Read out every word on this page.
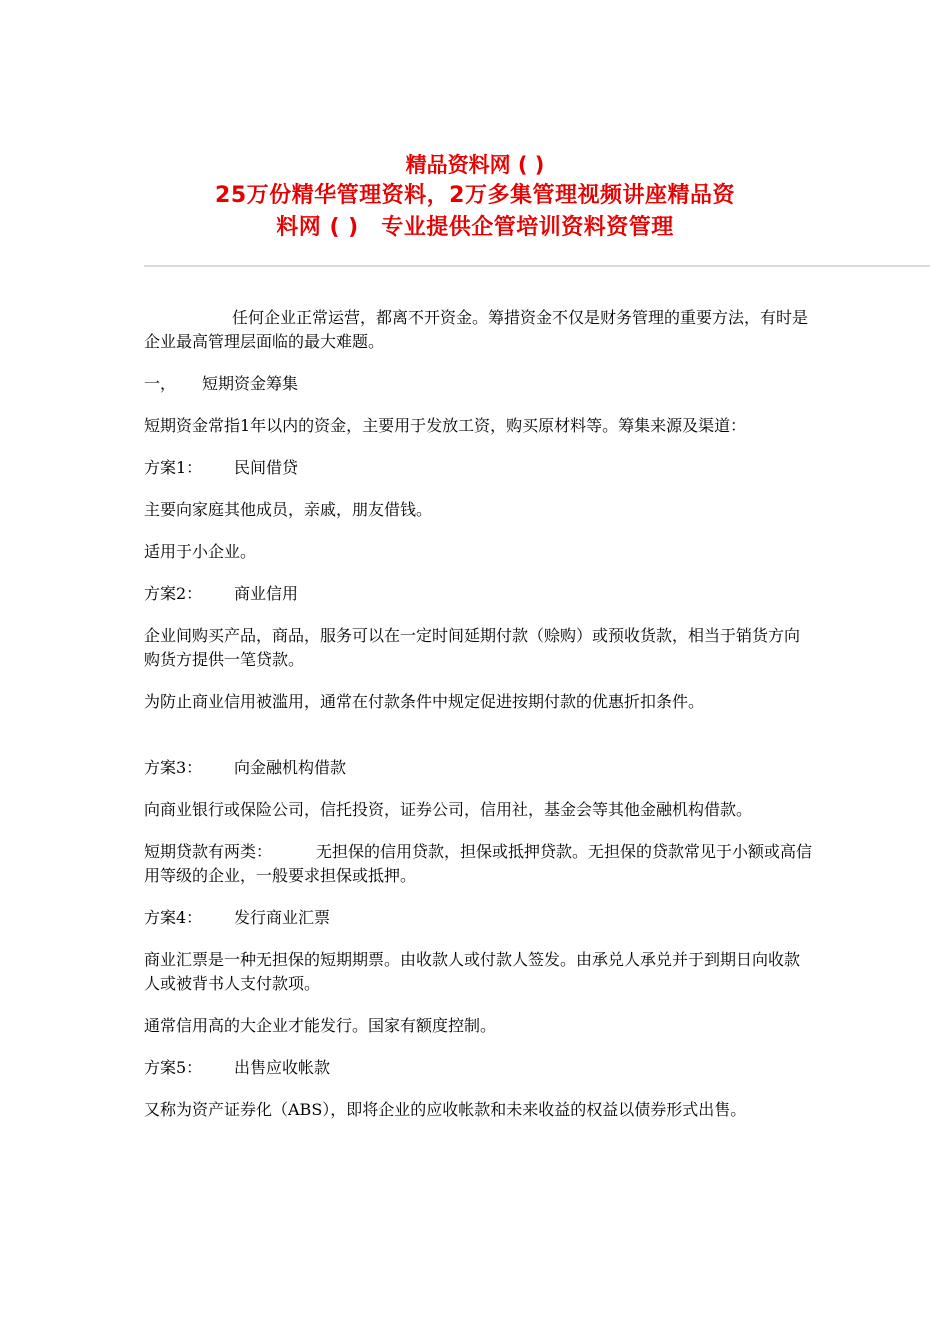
精品资料网 ( )
25万份精华管理资料，2万多集管理视频讲座精品资
料网 ( )　专业提供企管培训资料资管理

任何企业正常运营，都离不开资金。筹措资金不仅是财务管理的重要方法，有时是企业最高管理层面临的最大难题。

一， 短期资金筹集

短期资金常指1年以内的资金，主要用于发放工资，购买原材料等。筹集来源及渠道：

方案1： 民间借贷

主要向家庭其他成员，亲戚，朋友借钱。

适用于小企业。

方案2： 商业信用

企业间购买产品，商品，服务可以在一定时间延期付款（赊购）或预收货款，相当于销货方向购货方提供一笔贷款。

为防止商业信用被滥用，通常在付款条件中规定促进按期付款的优惠折扣条件。

方案3： 向金融机构借款

向商业银行或保险公司，信托投资，证券公司，信用社，基金会等其他金融机构借款。

短期贷款有两类：	无担保的信用贷款，担保或抵押贷款。无担保的贷款常见于小额或高信用等级的企业，一般要求担保或抵押。

方案4： 发行商业汇票

商业汇票是一种无担保的短期期票。由收款人或付款人签发。由承兑人承兑并于到期日向收款人或被背书人支付款项。

通常信用高的大企业才能发行。国家有额度控制。

方案5： 出售应收帐款

又称为资产证券化（ABS），即将企业的应收帐款和未来收益的权益以债券形式出售。
